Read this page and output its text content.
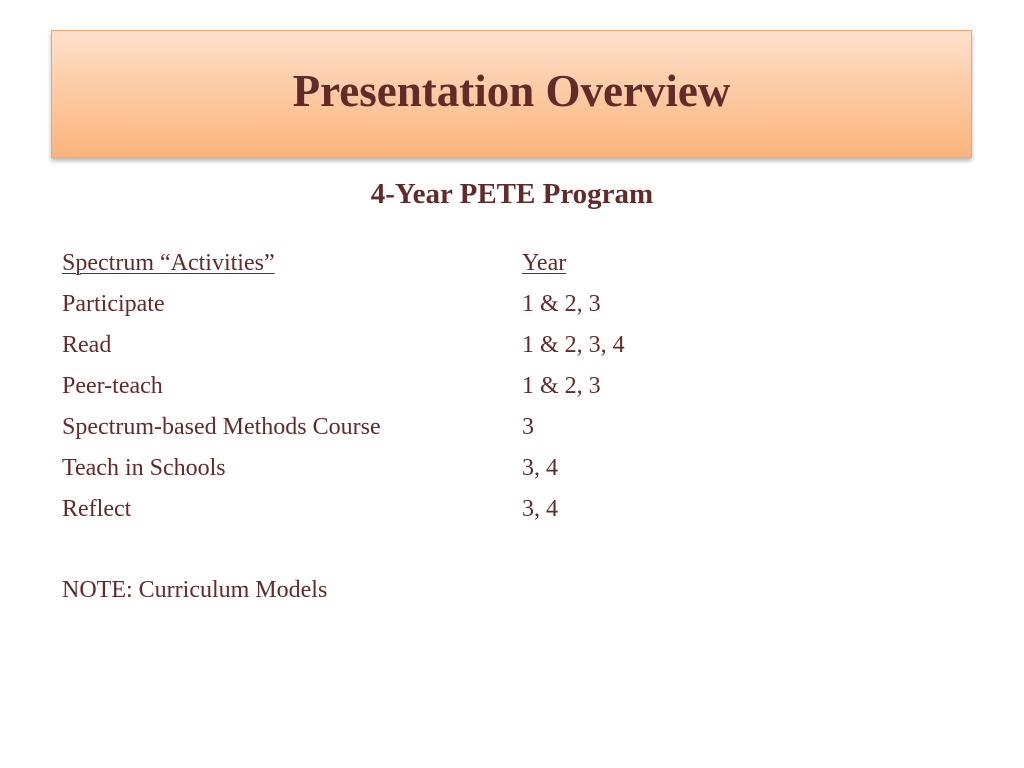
Presentation Overview
4-Year PETE Program
Spectrum “Activities”	Year
Participate	1 & 2, 3
Read	1 & 2, 3, 4
Peer-teach	1 & 2, 3
Spectrum-based Methods Course	3
Teach in Schools	3, 4
Reflect	3, 4
NOTE: Curriculum Models
